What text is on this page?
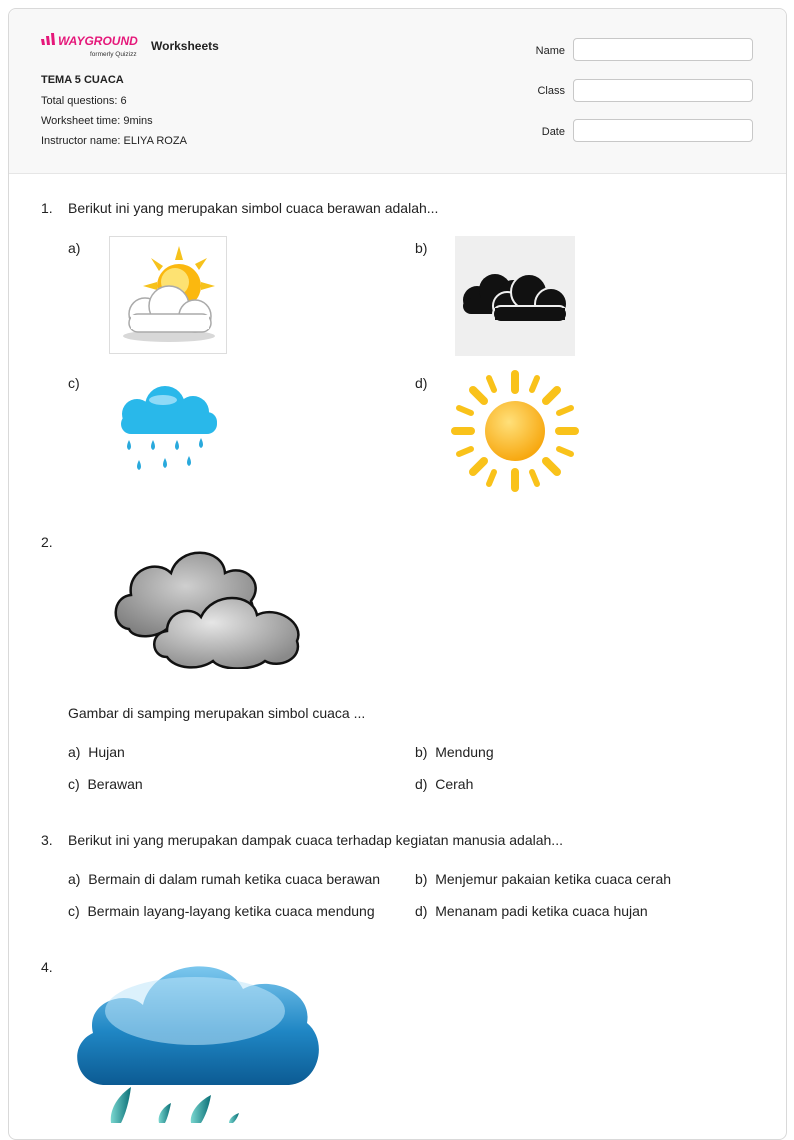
WAYGROUND
formerly Quizizz
Worksheets
TEMA 5 CUACA
Total questions: 6
Worksheet time: 9mins
Instructor name: ELIYA ROZA
Name
Class
Date
1. Berikut ini yang merupakan simbol cuaca berawan adalah...
a)	b)
c)	d)
2.
Gambar di samping merupakan simbol cuaca ...
a) Hujan	b) Mendung
c) Berawan	d) Cerah
3. Berikut ini yang merupakan dampak cuaca terhadap kegiatan manusia adalah...
a) Bermain di dalam rumah ketika cuaca berawan b) Menjemur pakaian ketika cuaca cerah
c) Bermain layang-layang ketika cuaca mendung	d) Menanam padi ketika cuaca hujan
4.
